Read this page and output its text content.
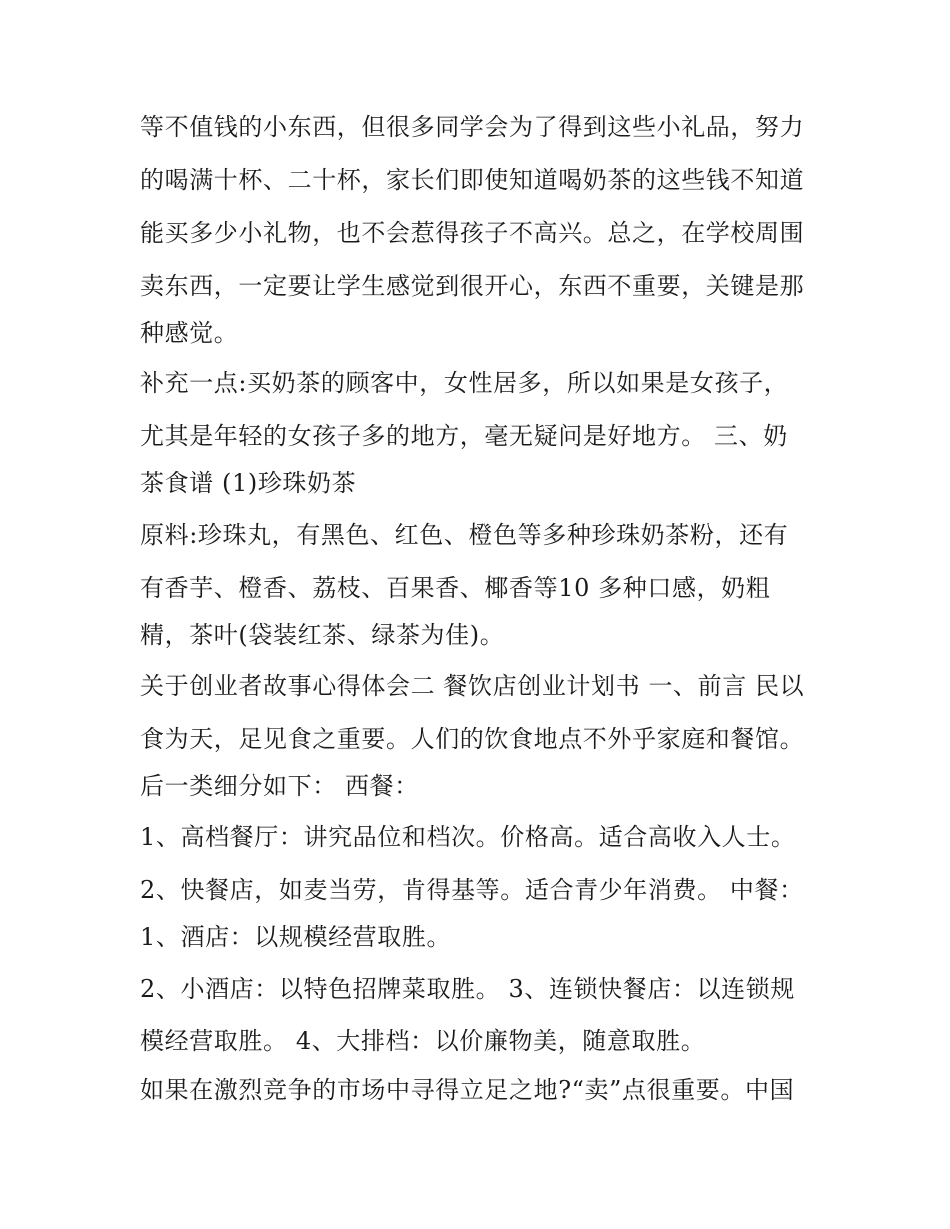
等不值钱的小东西，但很多同学会为了得到这些小礼品，努力
的喝满十杯、二十杯，家长们即使知道喝奶茶的这些钱不知道
能买多少小礼物，也不会惹得孩子不高兴。总之，在学校周围
卖东西，一定要让学生感觉到很开心，东西不重要，关键是那
种感觉。
补充一点:买奶茶的顾客中，女性居多，所以如果是女孩子，
尤其是年轻的女孩子多的地方，毫无疑问是好地方。 三、奶
茶食谱 (1)珍珠奶茶
原料:珍珠丸，有黑色、红色、橙色等多种珍珠奶茶粉，还有
有香芋、橙香、荔枝、百果香、椰香等10 多种口感，奶粗
精，茶叶(袋装红茶、绿茶为佳)。
关于创业者故事心得体会二 餐饮店创业计划书 一、前言 民以
食为天，足见食之重要。人们的饮食地点不外乎家庭和餐馆。
后一类细分如下： 西餐：
1、高档餐厅：讲究品位和档次。价格高。适合高收入人士。
2、快餐店，如麦当劳，肯得基等。适合青少年消费。 中餐：
1、酒店：以规模经营取胜。
2、小酒店：以特色招牌菜取胜。 3、连锁快餐店：以连锁规
模经营取胜。 4、大排档：以价廉物美，随意取胜。
如果在激烈竞争的市场中寻得立足之地?“卖”点很重要。中国
